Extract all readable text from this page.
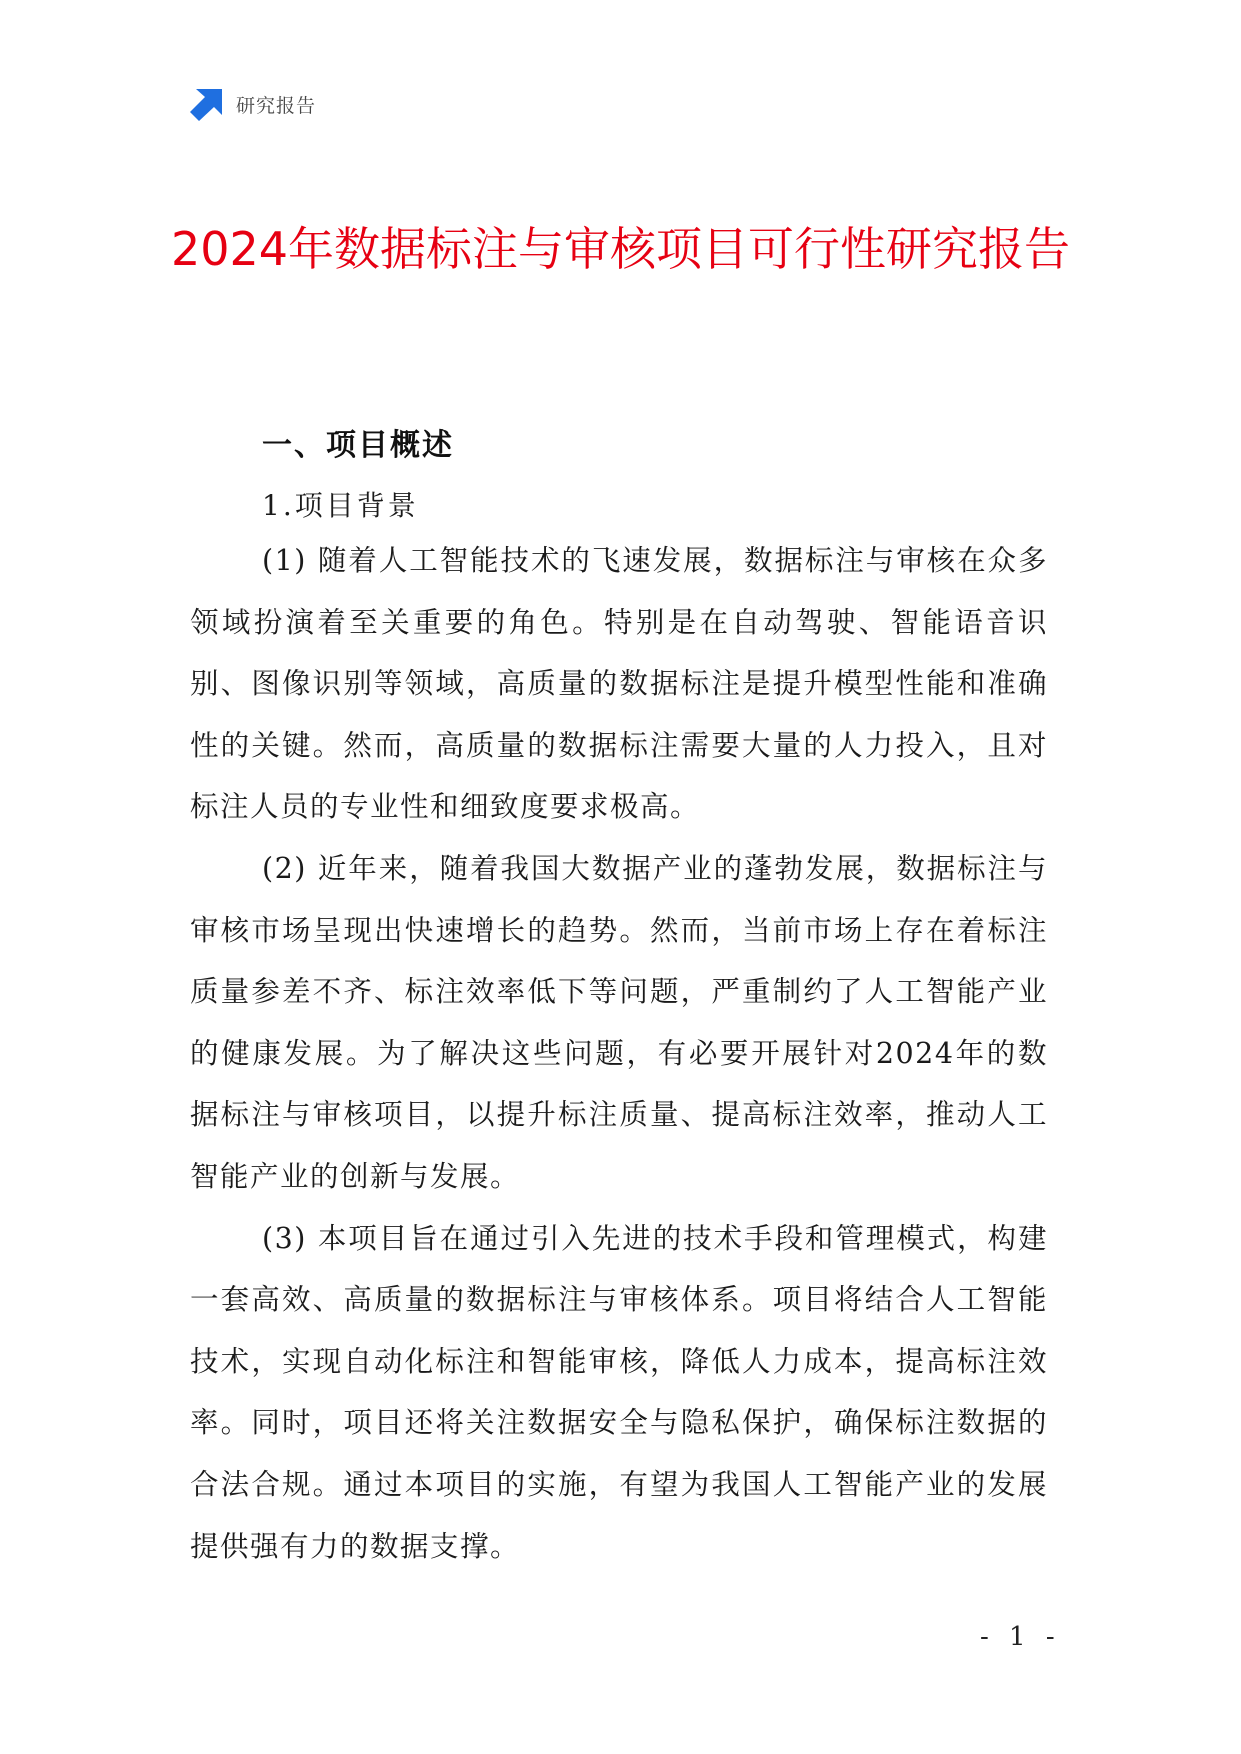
研究报告
2024年数据标注与审核项目可行性研究报告
一、项目概述
1.项目背景

(1) 随着人工智能技术的飞速发展，数据标注与审核在众多领域扮演着至关重要的角色。特别是在自动驾驶、智能语音识别、图像识别等领域，高质量的数据标注是提升模型性能和准确性的关键。然而，高质量的数据标注需要大量的人力投入，且对标注人员的专业性和细致度要求极高。

(2) 近年来，随着我国大数据产业的蓬勃发展，数据标注与审核市场呈现出快速增长的趋势。然而，当前市场上存在着标注质量参差不齐、标注效率低下等问题，严重制约了人工智能产业的健康发展。为了解决这些问题，有必要开展针对2024年的数据标注与审核项目，以提升标注质量、提高标注效率，推动人工智能产业的创新与发展。

(3) 本项目旨在通过引入先进的技术手段和管理模式，构建一套高效、高质量的数据标注与审核体系。项目将结合人工智能技术，实现自动化标注和智能审核，降低人力成本，提高标注效率。同时，项目还将关注数据安全与隐私保护，确保标注数据的合法合规。通过本项目的实施，有望为我国人工智能产业的发展提供强有力的数据支撑。

- 1 -
